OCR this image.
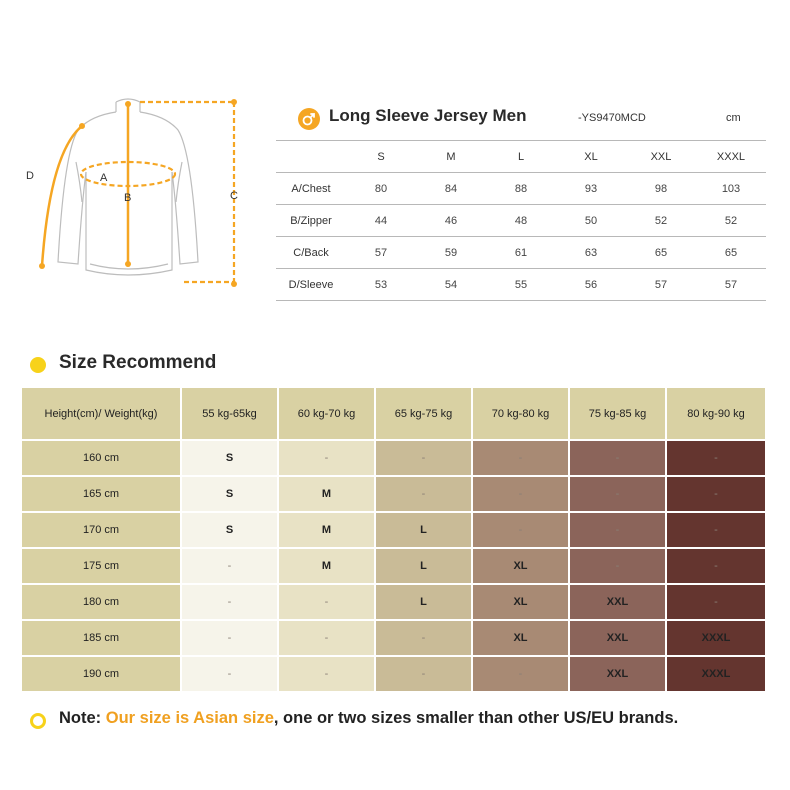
A
B	C
D
Long Sleeve Jersey Men	-YS9470MCD	cm
	S	M	L	XL	XXL	XXXL
A/Chest	80	84	88	93	98	103
B/Zipper	44	46	48	50	52	52
C/Back	57	59	61	63	65	65
D/Sleeve	53	54	55	56	57	57
Size Recommend
Height(cm)/ Weight(kg)	55 kg-65kg	60 kg-70 kg	65 kg-75 kg	70 kg-80 kg	75 kg-85 kg	80 kg-90 kg
160 cm	S	-	-	-	-	-
165 cm	S	M	-	-	-	-
170 cm	S	M	L	-	-	-
175 cm	-	M	L	XL	-	-
180 cm	-	-	L	XL	XXL	-
185 cm	-	-	-	XL	XXL	XXXL
190 cm	-	-	-	-	XXL	XXXL
Note: Our size is Asian size, one or two sizes smaller than other US/EU brands.
